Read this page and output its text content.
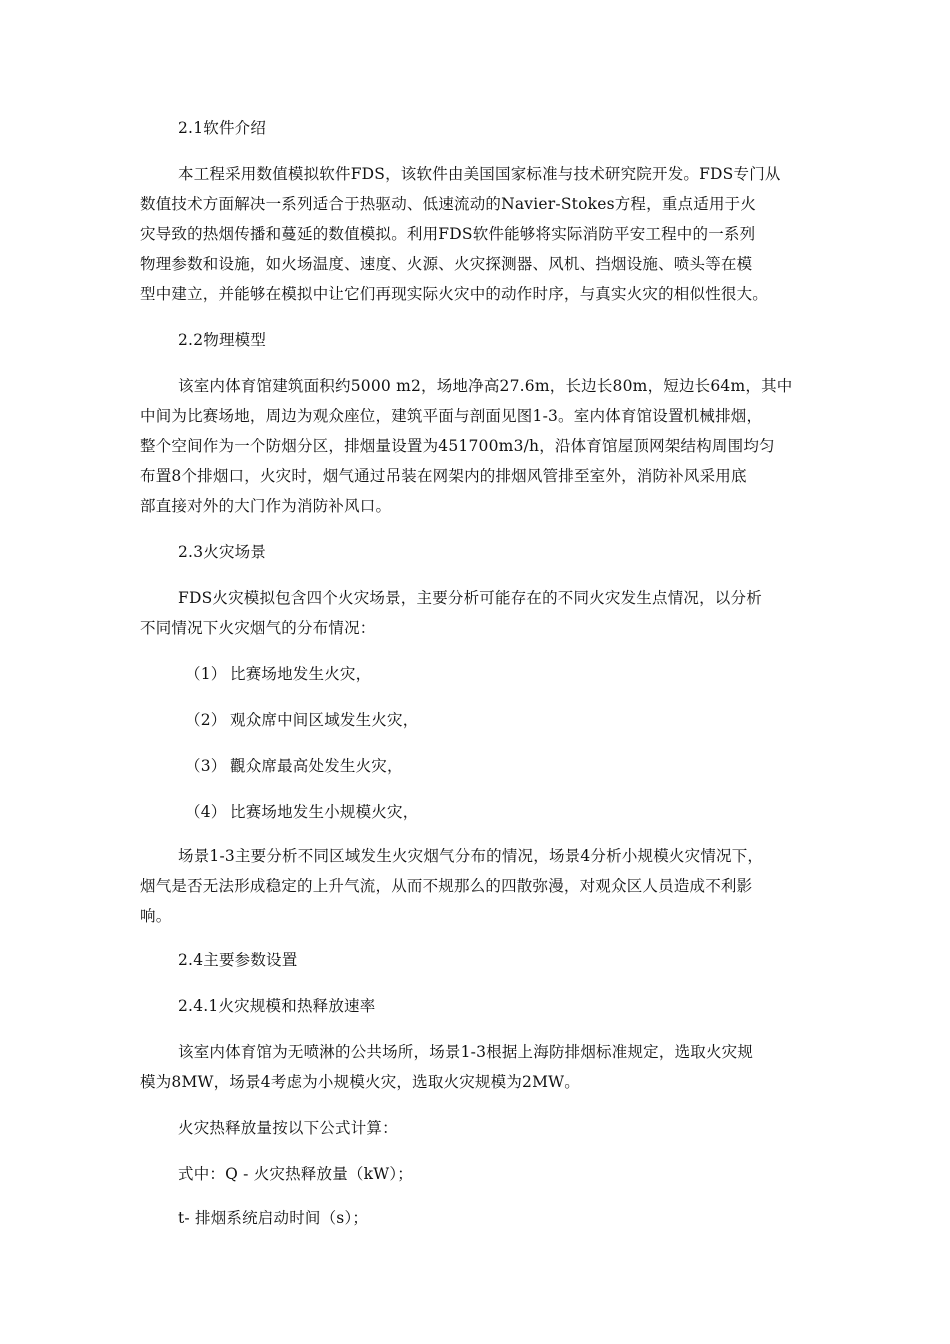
2.1软件介绍
本工程采用数值模拟软件FDS，该软件由美国国家标准与技术研究院开发。FDS专门从
数值技术方面解决一系列适合于热驱动、低速流动的Navier-Stokes方程，重点适用于火
灾导致的热烟传播和蔓延的数值模拟。利用FDS软件能够将实际消防平安工程中的一系列
物理参数和设施，如火场温度、速度、火源、火灾探测器、风机、挡烟设施、喷头等在模
型中建立，并能够在模拟中让它们再现实际火灾中的动作时序，与真实火灾的相似性很大。
2.2物理模型
该室内体育馆建筑面积约5000 m2，场地净高27.6m，长边长80m，短边长64m，其中
中间为比赛场地，周边为观众座位，建筑平面与剖面见图1-3。室内体育馆设置机械排烟，
整个空间作为一个防烟分区，排烟量设置为451700m3/h，沿体育馆屋顶网架结构周围均匀
布置8个排烟口，火灾时，烟气通过吊装在网架内的排烟风管排至室外，消防补风采用底
部直接对外的大门作为消防补风口。
2.3火灾场景
FDS火灾模拟包含四个火灾场景，主要分析可能存在的不同火灾发生点情况，以分析
不同情况下火灾烟气的分布情况：
（1） 比赛场地发生火灾，
（2） 观众席中间区域发生火灾，
（3） 觀众席最高处发生火灾，
（4） 比赛场地发生小规模火灾，
场景1-3主要分析不同区域发生火灾烟气分布的情况，场景4分析小规模火灾情况下，
烟气是否无法形成稳定的上升气流，从而不规那么的四散弥漫，对观众区人员造成不利影
响。
2.4主要参数设置
2.4.1火灾规模和热释放速率
该室内体育馆为无喷淋的公共场所，场景1-3根据上海防排烟标准规定，选取火灾规
模为8MW，场景4考虑为小规模火灾，选取火灾规模为2MW。
火灾热释放量按以下公式计算：
式中：Q - 火灾热释放量（kW）；
t- 排烟系统启动时间（s）；
